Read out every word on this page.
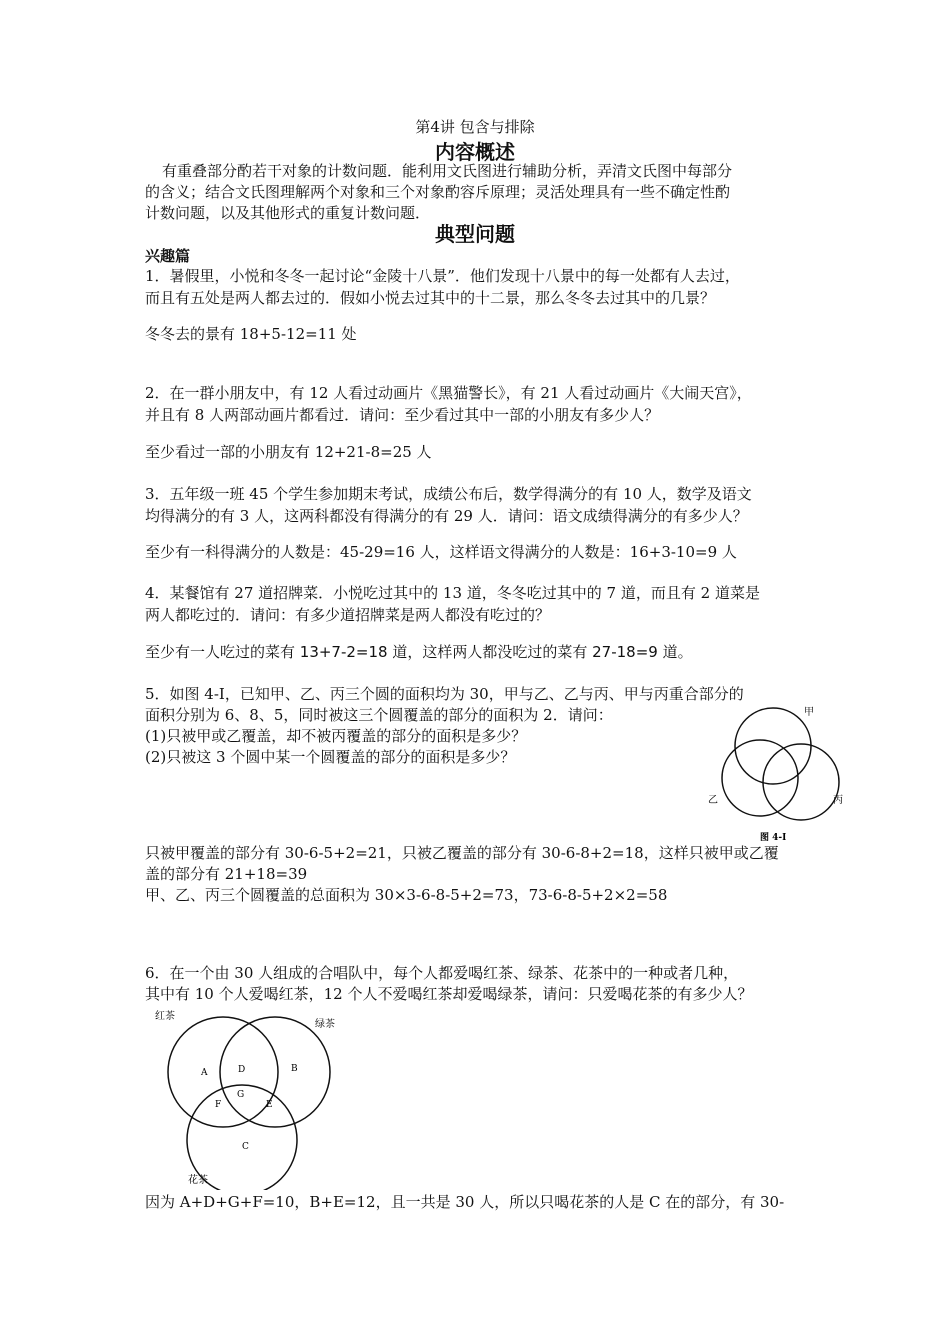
第4讲 包含与排除
内容概述
有重叠部分酌若干对象的计数问题．能利用文氏图进行辅助分析，弄清文氏图中每部分
的含义；结合文氏图理解两个对象和三个对象酌容斥原理；灵活处理具有一些不确定性酌
计数问题，以及其他形式的重复计数问题．
典型问题
兴趣篇
1．暑假里，小悦和冬冬一起讨论“金陵十八景”．他们发现十八景中的每一处都有人去过，
而且有五处是两人都去过的．假如小悦去过其中的十二景，那么冬冬去过其中的几景？
冬冬去的景有 18+5-12=11 处
2．在一群小朋友中，有 12 人看过动画片《黑猫警长》，有 21 人看过动画片《大闹天宫》，
并且有 8 人两部动画片都看过．请问：至少看过其中一部的小朋友有多少人？
至少看过一部的小朋友有 12+21-8=25 人
3．五年级一班 45 个学生参加期末考试，成绩公布后，数学得满分的有 10 人，数学及语文
均得满分的有 3 人，这两科都没有得满分的有 29 人．请问：语文成绩得满分的有多少人？
至少有一科得满分的人数是：45-29=16 人，这样语文得满分的人数是：16+3-10=9 人
4．某餐馆有 27 道招牌菜．小悦吃过其中的 13 道，冬冬吃过其中的 7 道，而且有 2 道菜是
两人都吃过的．请问：有多少道招牌菜是两人都没有吃过的？
至少有一人吃过的菜有 13+7-2=18 道，这样两人都没吃过的菜有 27-18=9 道。
5．如图 4-I，已知甲、乙、丙三个圆的面积均为 30，甲与乙、乙与丙、甲与丙重合部分的
面积分别为 6、8、5，同时被这三个圆覆盖的部分的面积为 2．请问：
(1)只被甲或乙覆盖，却不被丙覆盖的部分的面积是多少？
(2)只被这 3 个圆中某一个圆覆盖的部分的面积是多少？
甲
乙	丙
图 4-I
只被甲覆盖的部分有 30-6-5+2=21，只被乙覆盖的部分有 30-6-8+2=18，这样只被甲或乙覆
盖的部分有 21+18=39
甲、乙、丙三个圆覆盖的总面积为 30×3-6-8-5+2=73，73-6-8-5+2×2=58
6．在一个由 30 人组成的合唱队中，每个人都爱喝红茶、绿茶、花茶中的一种或者几种，
其中有 10 个人爱喝红茶，12 个人不爱喝红茶却爱喝绿茶，请问：只爱喝花茶的有多少人？
红茶
绿茶
花茶
A	B
C
D
E
F
G
因为 A+D+G+F=10，B+E=12，且一共是 30 人，所以只喝花茶的人是 C 在的部分，有 30-
